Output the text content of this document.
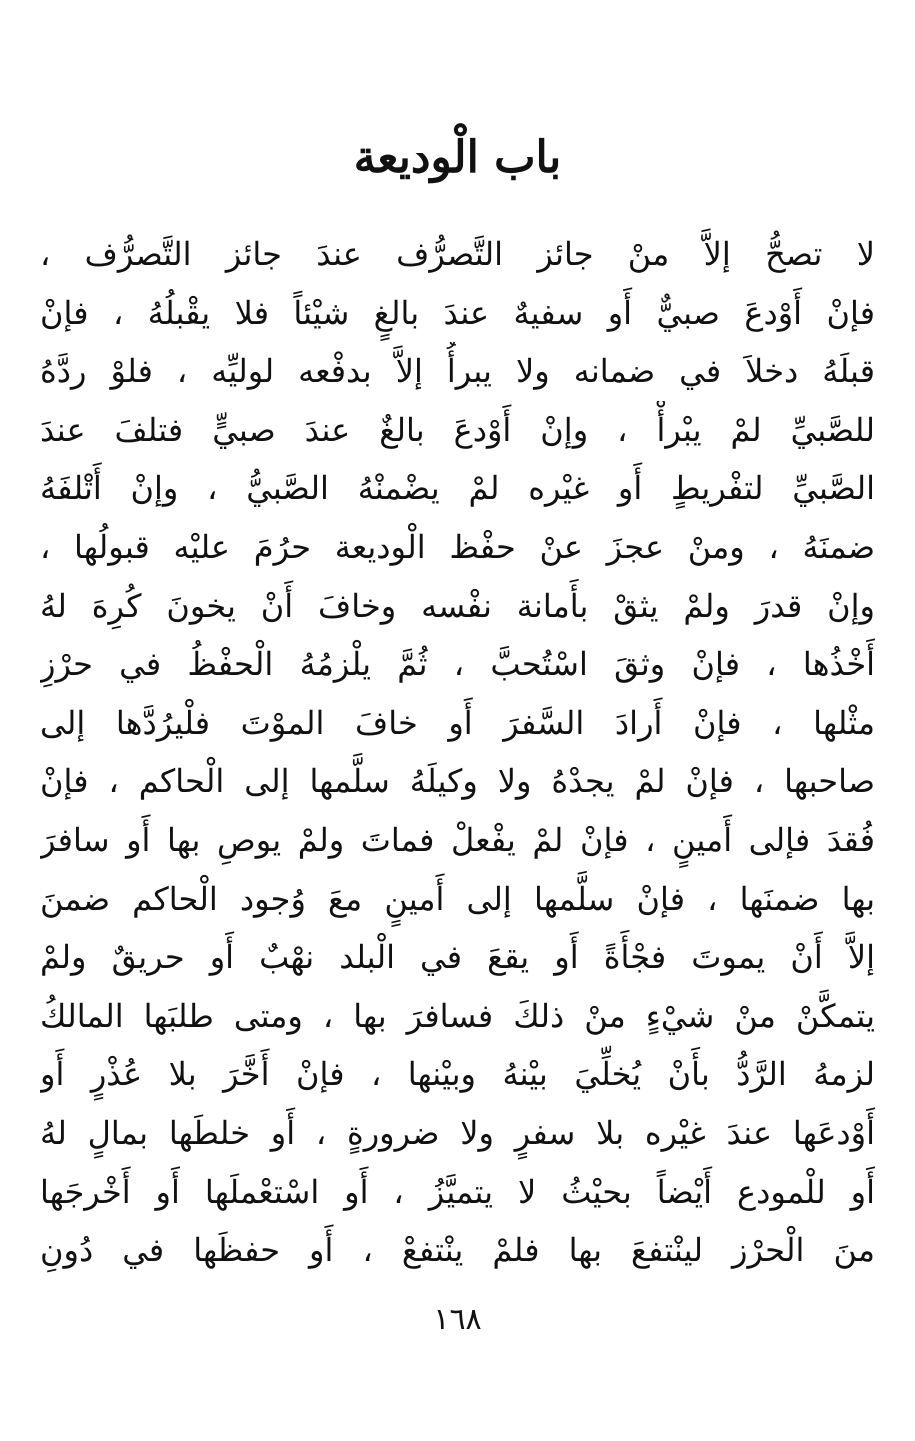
باب الْوديعة
لا تصحُّ إلاَّ منْ جائز التَّصرُّف عندَ جائز التَّصرُّف ،
فإنْ أَوْدعَ صبيٌّ أَو سفيهٌ عندَ بالغٍ شيْئاً فلا يقْبلُهُ ، فإنْ
قبلَهُ دخلاَ في ضمانه ولا يبرأُ إلاَّ بدفْعه لوليِّه ، فلوْ ردَّهُ
للصَّبيِّ لمْ يبْرأْ ، وإنْ أَوْدعَ بالغٌ عندَ صبيٍّ فتلفَ عندَ
الصَّبيِّ لتفْريطٍ أَو غيْره لمْ يضْمنْهُ الصَّبيُّ ، وإنْ أَتْلفَهُ
ضمنَهُ ، ومنْ عجزَ عنْ حفْظ الْوديعة حرُمَ عليْه قبولُها ،
وإنْ قدرَ ولمْ يثقْ بأَمانة نفْسه وخافَ أَنْ يخونَ كُرِهَ لهُ
أَخْذُها ، فإنْ وثقَ اسْتُحبَّ ، ثُمَّ يلْزمُهُ الْحفْظُ في حرْزِ
مثْلها ، فإنْ أَرادَ السَّفرَ أَو خافَ الموْتَ فلْيرُدَّها إلى
صاحبها ، فإنْ لمْ يجدْهُ ولا وكيلَهُ سلَّمها إلى الْحاكم ، فإنْ
فُقدَ فإلى أَمينٍ ، فإنْ لمْ يفْعلْ فماتَ ولمْ يوصِ بها أَو سافرَ
بها ضمنَها ، فإنْ سلَّمها إلى أَمينٍ معَ وُجود الْحاكم ضمنَ
إلاَّ أَنْ يموتَ فجْأَةً أَو يقعَ في الْبلد نهْبٌ أَو حريقٌ ولمْ
يتمكَّنْ منْ شيْءٍ منْ ذلكَ فسافرَ بها ، ومتى طلبَها المالكُ
لزمهُ الرَّدُّ بأَنْ يُخلِّيَ بيْنهُ وبيْنها ، فإنْ أَخَّرَ بلا عُذْرٍ أَو
أَوْدعَها عندَ غيْره بلا سفرٍ ولا ضرورةٍ ، أَو خلطَها بمالٍ لهُ
أَو للْمودع أَيْضاً بحيْثُ لا يتميَّزُ ، أَو اسْتعْملَها أَو أَخْرجَها
منَ الْحرْز لينْتفعَ بها فلمْ ينْتفعْ ، أَو حفظَها في دُونِ
١٦٨
